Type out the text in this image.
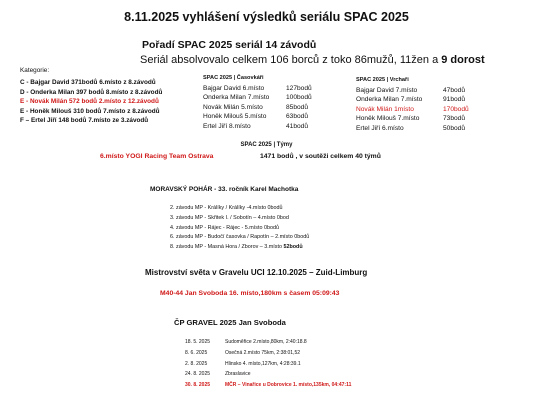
8.11.2025 vyhlášení výsledků seriálu SPAC 2025
Pořadí SPAC 2025 seriál 14 závodů
Seriál absolvovalo celkem 106 borců z toko 86mužů, 11žen a 9 dorost
Kategorie:
C - Bajgar David 371bodů 6.místo z 8.závodů
D - Onderka Milan 397 bodů 8.místo z 8.závodů
E - Novák Milán 572 bodů 2.místo z 12.závodů
E - Honěk Milouš 310 bodů 7.místo z 8.závodů
F – Ertel Jiří 148 bodů 7.místo ze 3.závodů
SPAC 2025 | Časovkáři
Bajgar David 6.místo	127bodů
Onderka Milan 7.místo	100bodů
Novák Milán 5.místo	85bodů
Honěk Milouš 5.místo	63bodů
Ertel Jiří 8.místo	41bodů
SPAC 2025 | Vrchaři
Bajgar David 7.místo	47bodů
Onderka Milan 7.místo	91bodů
Novák Milán 1místo	170bodů
Honěk Milouš 7.místo	73bodů
Ertel Jiří 6.místo	50bodů
SPAC 2025 | Týmy
6.místo YOGI Racing Team Ostrava	1471 bodů , v soutěži celkem 40 týmů
MORAVSKÝ POHÁR - 33. ročník Karel Machotka
2. závodu MP - Králíky / Králíky -4.místo 0bodů
3. závodu MP - Skřitek I. / Sobotín – 4.místo 0bod
4. závodu MP - Rájec - Rájec - 5.místo 0bodů
6. závodu MP - Budočí časovka / Rapotín – 2.místo 0bodů
8. závodu MP - Masná Hora / Zborov – 3.místo 52bodů
Mistrovství světa v Gravelu UCI 12.10.2025 – Zuid-Limburg
M40-44 Jan Svoboda 16. místo,180km s časem 05:09:43
ČP GRAVEL 2025 Jan Svoboda
18. 5. 2025	Sudoměřice 2.místo,80km, 2:40:18.8
8. 6. 2025	Osečná 2.místo 75km, 2:38:01,52
2. 8. 2025	Hlinsko 4. místo,127km, 4:28:39.1
24. 8. 2025	Zbraslavice
30. 8. 2025	MČR – Vinařice u Dobrovice 1. místo,135km, 04:47:11
